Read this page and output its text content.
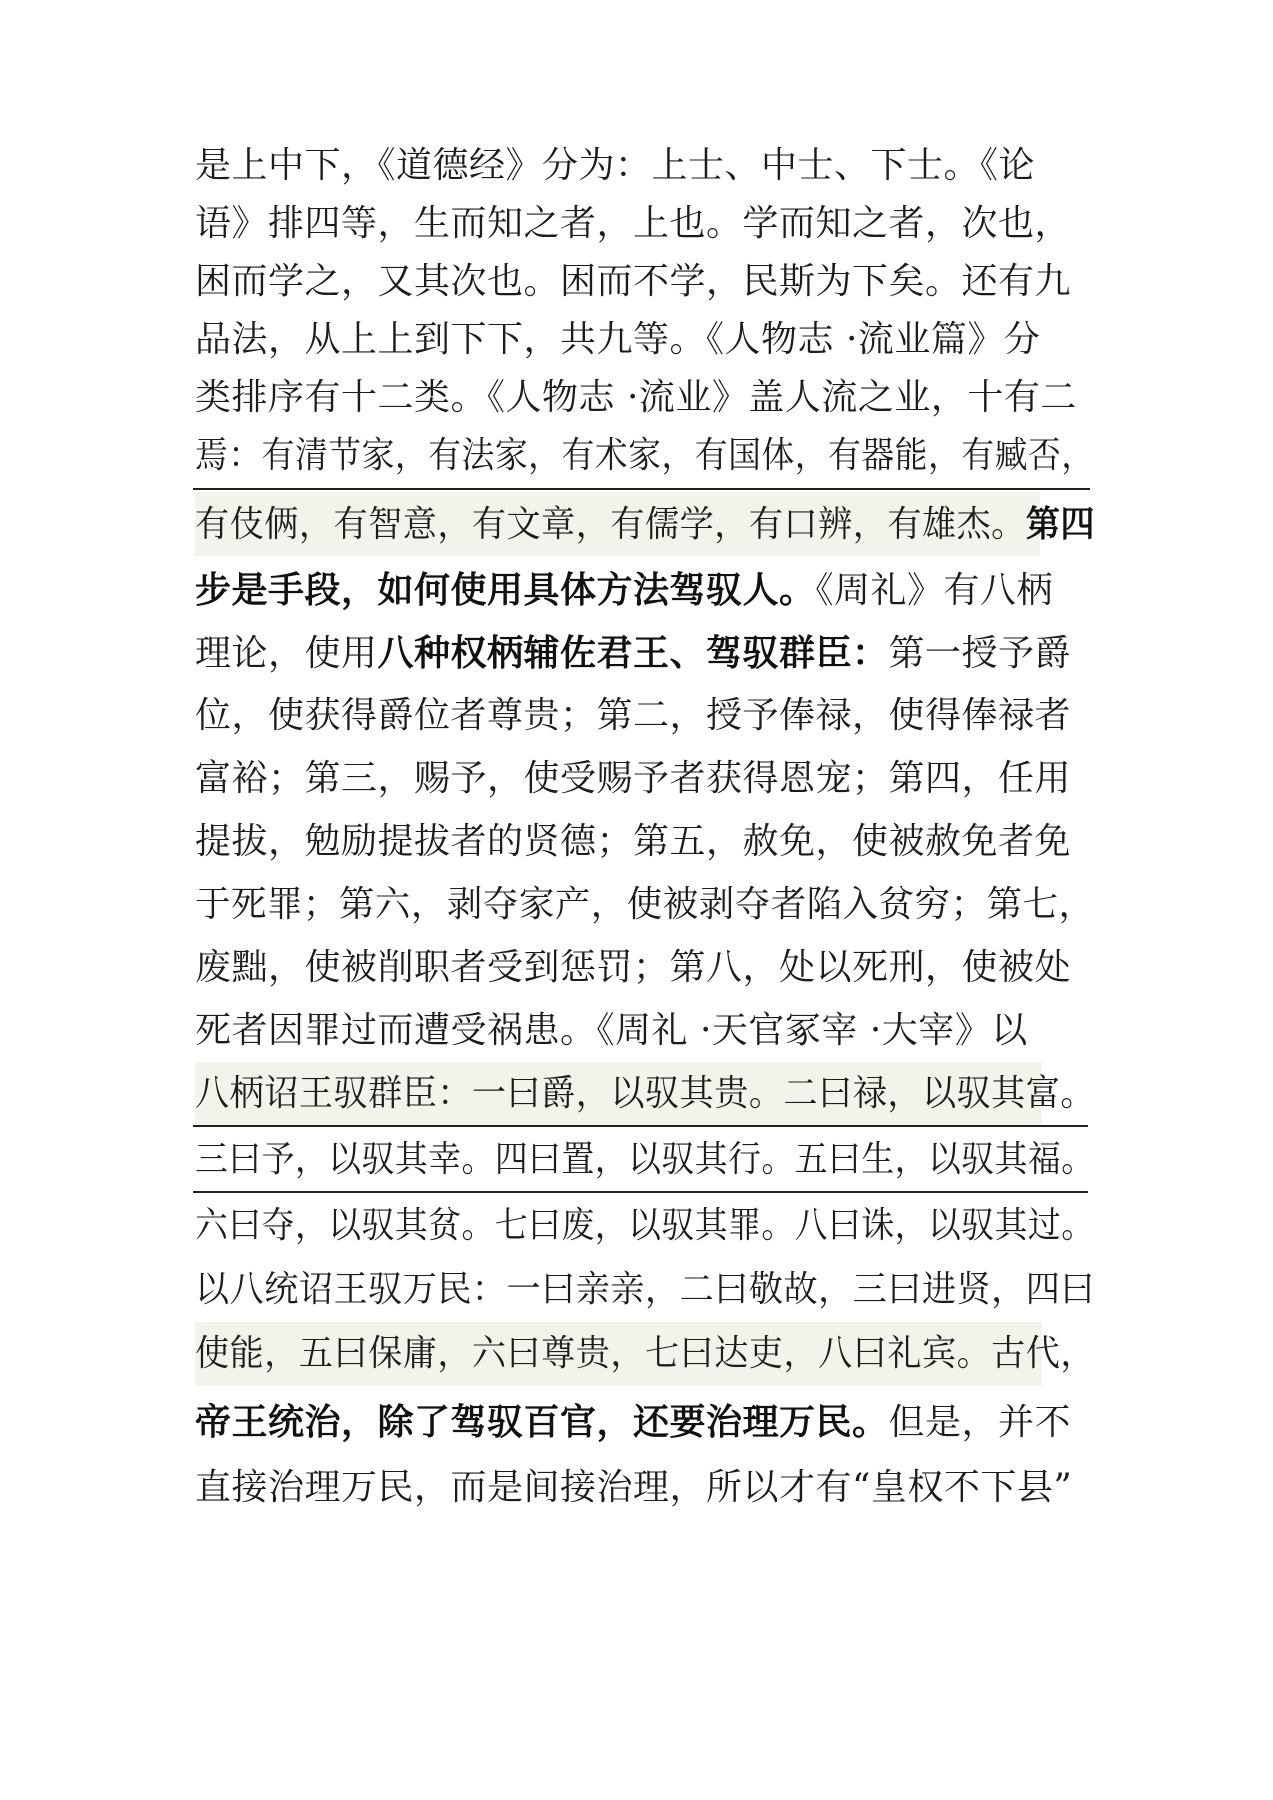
是上中下，《道德经》分为：上士、中士、下士。《论
语》排四等，生而知之者，上也。学而知之者，次也，
困而学之，又其次也。困而不学，民斯为下矣。还有九
品法，从上上到下下，共九等。《人物志 ·流业篇》分
类排序有十二类。《人物志 ·流业》盖人流之业，十有二
焉：有清节家，有法家，有术家，有国体，有器能，有臧否，
有伎俩，有智意，有文章，有儒学，有口辨，有雄杰。第四
步是手段，如何使用具体方法驾驭人。《周礼》有八柄
理论，使用八种权柄辅佐君王、驾驭群臣：第一授予爵
位，使获得爵位者尊贵；第二，授予俸禄，使得俸禄者
富裕；第三，赐予，使受赐予者获得恩宠；第四，任用
提拔，勉励提拔者的贤德；第五，赦免，使被赦免者免
于死罪；第六，剥夺家产，使被剥夺者陷入贫穷；第七，
废黜，使被削职者受到惩罚；第八，处以死刑，使被处
死者因罪过而遭受祸患。《周礼 ·天官冢宰 ·大宰》以
八柄诏王驭群臣：一曰爵，以驭其贵。二曰禄，以驭其富。
三曰予，以驭其幸。四曰置，以驭其行。五曰生，以驭其福。
六曰夺，以驭其贫。七曰废，以驭其罪。八曰诛，以驭其过。
以八统诏王驭万民：一曰亲亲，二曰敬故，三曰进贤，四曰
使能，五曰保庸，六曰尊贵，七曰达吏，八曰礼宾。古代，
帝王统治，除了驾驭百官，还要治理万民。但是，并不
直接治理万民，而是间接治理，所以才有“皇权不下县”
